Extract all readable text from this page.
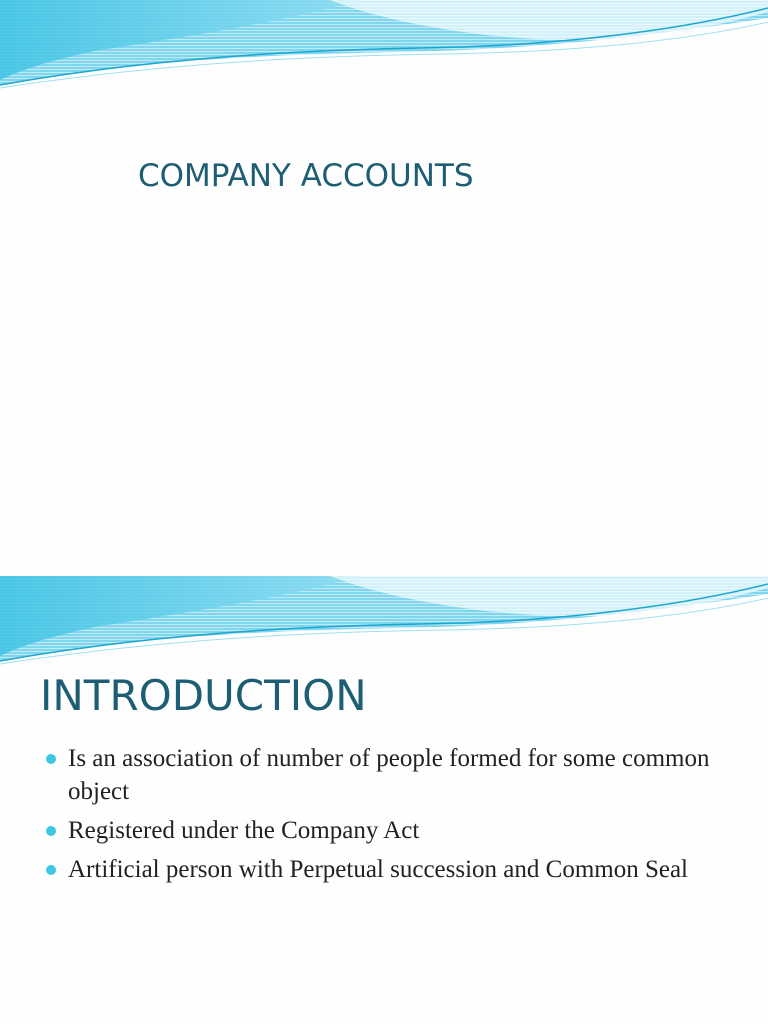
COMPANY ACCOUNTS
INTRODUCTION
Is an association of number of people formed for some common object
Registered under the Company Act
Artificial person with Perpetual succession and Common Seal
